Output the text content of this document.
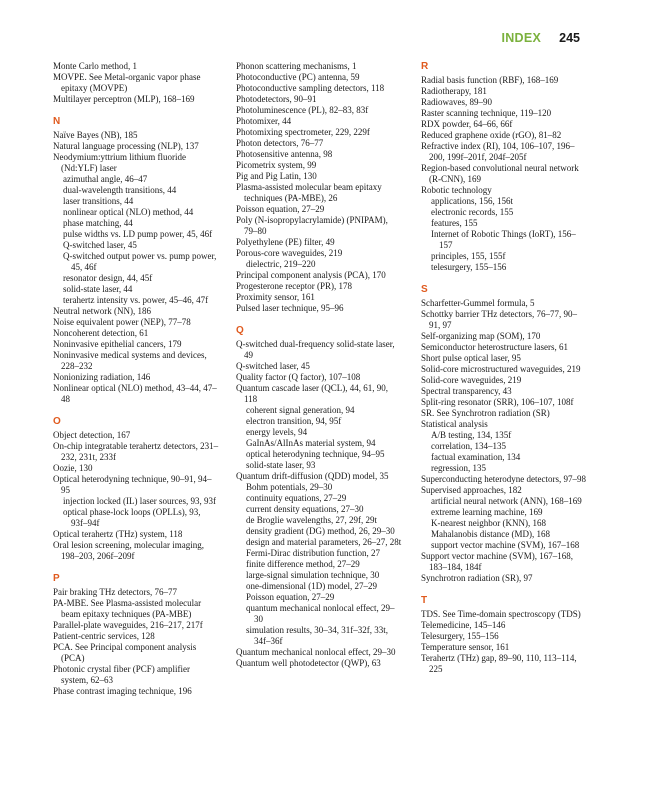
INDEX 245
Monte Carlo method, 1
MOVPE. See Metal-organic vapor phase epitaxy (MOVPE)
Multilayer perceptron (MLP), 168–169
N
Naïve Bayes (NB), 185
Natural language processing (NLP), 137
Neodymium:yttrium lithium fluoride (Nd:YLF) laser
azimuthal angle, 46–47
dual-wavelength transitions, 44
laser transitions, 44
nonlinear optical (NLO) method, 44
phase matching, 44
pulse widths vs. LD pump power, 45, 46f
Q-switched laser, 45
Q-switched output power vs. pump power, 45, 46f
resonator design, 44, 45f
solid-state laser, 44
terahertz intensity vs. power, 45–46, 47f
Neutral network (NN), 186
Noise equivalent power (NEP), 77–78
Noncoherent detection, 61
Noninvasive epithelial cancers, 179
Noninvasive medical systems and devices, 228–232
Nonionizing radiation, 146
Nonlinear optical (NLO) method, 43–44, 47–48
O
Object detection, 167
On-chip integratable terahertz detectors, 231–232, 231t, 233f
Oozie, 130
Optical heterodyning technique, 90–91, 94–95
injection locked (IL) laser sources, 93, 93f
optical phase-lock loops (OPLLs), 93, 93f–94f
Optical terahertz (THz) system, 118
Oral lesion screening, molecular imaging, 198–203, 206f–209f
P
Pair braking THz detectors, 76–77
PA-MBE. See Plasma-assisted molecular beam epitaxy techniques (PA-MBE)
Parallel-plate waveguides, 216–217, 217f
Patient-centric services, 128
PCA. See Principal component analysis (PCA)
Photonic crystal fiber (PCF) amplifier system, 62–63
Phase contrast imaging technique, 196
Phonon scattering mechanisms, 1
Photoconductive (PC) antenna, 59
Photoconductive sampling detectors, 118
Photodetectors, 90–91
Photoluminescence (PL), 82–83, 83f
Photomixer, 44
Photomixing spectrometer, 229, 229f
Photon detectors, 76–77
Photosensitive antenna, 98
Picometrix system, 99
Pig and Pig Latin, 130
Plasma-assisted molecular beam epitaxy techniques (PA-MBE), 26
Poisson equation, 27–29
Poly (N-isopropylacrylamide) (PNIPAM), 79–80
Polyethylene (PE) filter, 49
Porous-core waveguides, 219
dielectric, 219–220
Principal component analysis (PCA), 170
Progesterone receptor (PR), 178
Proximity sensor, 161
Pulsed laser technique, 95–96
Q
Q-switched dual-frequency solid-state laser, 49
Q-switched laser, 45
Quality factor (Q factor), 107–108
Quantum cascade laser (QCL), 44, 61, 90, 118
coherent signal generation, 94
electron transition, 94, 95f
energy levels, 94
GaInAs/AlInAs material system, 94
optical heterodyning technique, 94–95
solid-state laser, 93
Quantum drift-diffusion (QDD) model, 35
Bohm potentials, 29–30
continuity equations, 27–29
current density equations, 27–30
de Broglie wavelengths, 27, 29f, 29t
density gradient (DG) method, 26, 29–30
design and material parameters, 26–27, 28t
Fermi-Dirac distribution function, 27
finite difference method, 27–29
large-signal simulation technique, 30
one-dimensional (1D) model, 27–29
Poisson equation, 27–29
quantum mechanical nonlocal effect, 29–30
simulation results, 30–34, 31f–32f, 33t, 34f–36f
Quantum mechanical nonlocal effect, 29–30
Quantum well photodetector (QWP), 63
R
Radial basis function (RBF), 168–169
Radiotherapy, 181
Radiowaves, 89–90
Raster scanning technique, 119–120
RDX powder, 64–66, 66f
Reduced graphene oxide (rGO), 81–82
Refractive index (RI), 104, 106–107, 196–200, 199f–201f, 204f–205f
Region-based convolutional neural network (R-CNN), 169
Robotic technology
applications, 156, 156t
electronic records, 155
features, 155
Internet of Robotic Things (IoRT), 156–157
principles, 155, 155f
telesurgery, 155–156
S
Scharfetter-Gummel formula, 5
Schottky barrier THz detectors, 76–77, 90–91, 97
Self-organizing map (SOM), 170
Semiconductor heterostructure lasers, 61
Short pulse optical laser, 95
Solid-core microstructured waveguides, 219
Solid-core waveguides, 219
Spectral transparency, 43
Split-ring resonator (SRR), 106–107, 108f
SR. See Synchrotron radiation (SR)
Statistical analysis
A/B testing, 134, 135f
correlation, 134–135
factual examination, 134
regression, 135
Superconducting heterodyne detectors, 97–98
Supervised approaches, 182
artificial neural network (ANN), 168–169
extreme learning machine, 169
K-nearest neighbor (KNN), 168
Mahalanobis distance (MD), 168
support vector machine (SVM), 167–168
Support vector machine (SVM), 167–168, 183–184, 184f
Synchrotron radiation (SR), 97
T
TDS. See Time-domain spectroscopy (TDS)
Telemedicine, 145–146
Telesurgery, 155–156
Temperature sensor, 161
Terahertz (THz) gap, 89–90, 110, 113–114, 225
